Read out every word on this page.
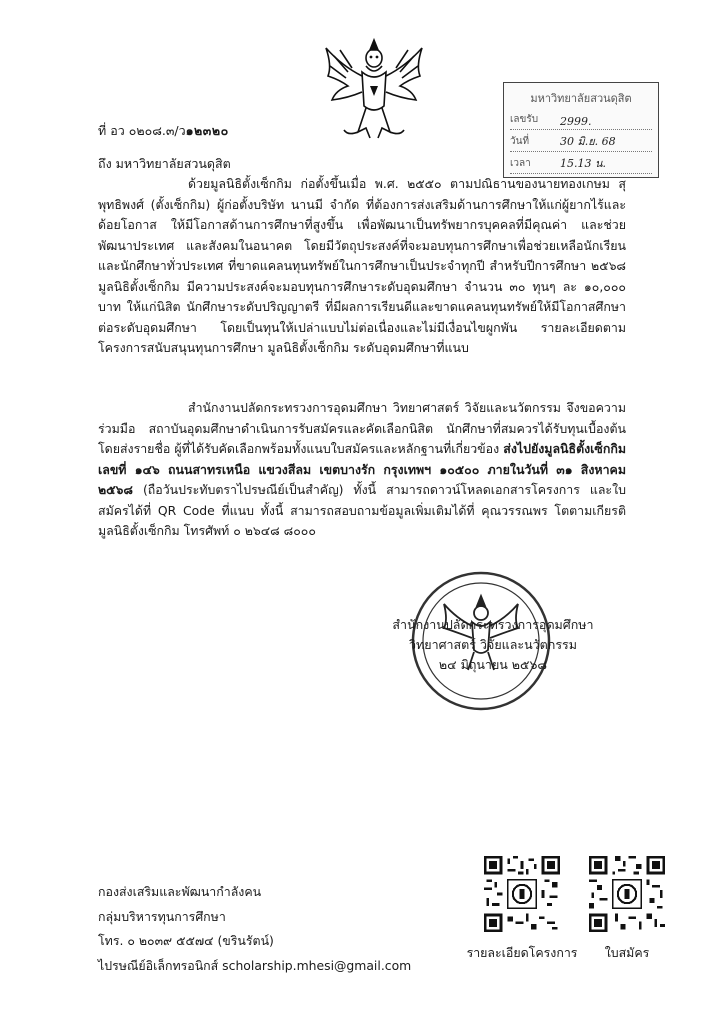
ที่ อว ๐๒๐๘.๓/ว๑๒๓๒๐
ถึง มหาวิทยาลัยสวนดุสิต
มหาวิทยาลัยสวนดุสิต
เลขรับ 2999.
วันที่	30 มิ.ย. 68
เวลา	15.13 น.
ด้วยมูลนิธิตั้งเซ็กกิม ก่อตั้งขึ้นเมื่อ พ.ศ. ๒๕๕๐ ตามปณิธานของนายทองเกษม สุพุทธิพงศ์ (ตั้งเซ็กกิม) ผู้ก่อตั้งบริษัท นานมี จำกัด ที่ต้องการส่งเสริมด้านการศึกษาให้แก่ผู้ยากไร้และด้อยโอกาส ให้มีโอกาสด้านการศึกษาที่สูงขึ้น เพื่อพัฒนาเป็นทรัพยากรบุคคลที่มีคุณค่า และช่วยพัฒนาประเทศ และสังคมในอนาคต โดยมีวัตถุประสงค์ที่จะมอบทุนการศึกษาเพื่อช่วยเหลือนักเรียนและนักศึกษาทั่วประเทศ ที่ขาดแคลนทุนทรัพย์ในการศึกษาเป็นประจำทุกปี สำหรับปีการศึกษา ๒๕๖๘ มูลนิธิตั้งเซ็กกิม มีความประสงค์จะมอบทุนการศึกษาระดับอุดมศึกษา จำนวน ๓๐ ทุนๆ ละ ๑๐,๐๐๐ บาท ให้แก่นิสิต นักศึกษาระดับปริญญาตรี ที่มีผลการเรียนดีและขาดแคลนทุนทรัพย์ให้มีโอกาสศึกษาต่อระดับอุดมศึกษา โดยเป็นทุนให้เปล่าแบบไม่ต่อเนื่องและไม่มีเงื่อนไขผูกพัน รายละเอียดตามโครงการสนับสนุนทุนการศึกษา มูลนิธิตั้งเซ็กกิม ระดับอุดมศึกษาที่แนบ
สำนักงานปลัดกระทรวงการอุดมศึกษา วิทยาศาสตร์ วิจัยและนวัตกรรม จึงขอความร่วมมือ สถาบันอุดมศึกษาดำเนินการรับสมัครและคัดเลือกนิสิต นักศึกษาที่สมควรได้รับทุนเบื้องต้น โดยส่งรายชื่อ ผู้ที่ได้รับคัดเลือกพร้อมทั้งแนบใบสมัครและหลักฐานที่เกี่ยวข้อง ส่งไปยังมูลนิธิตั้งเซ็กกิม เลขที่ ๑๔๖ ถนนสาทรเหนือ แขวงสีลม เขตบางรัก กรุงเทพฯ ๑๐๕๐๐ ภายในวันที่ ๓๑ สิงหาคม ๒๕๖๘ (ถือวันประทับตราไปรษณีย์เป็นสำคัญ) ทั้งนี้ สามารถดาวน์โหลดเอกสารโครงการ และใบสมัครได้ที่ QR Code ที่แนบ ทั้งนี้ สามารถสอบถามข้อมูลเพิ่มเติมได้ที่ คุณวรรณพร โตตามเกียรติ มูลนิธิตั้งเซ็กกิม โทรศัพท์ ๐ ๒๖๔๘ ๘๐๐๐
สำนักงานปลัดกระทรวงการอุดมศึกษา
วิทยาศาสตร์ วิจัยและนวัตกรรม
๒๔ มิถุนายน ๒๕๖๘
กองส่งเสริมและพัฒนากำลังคน
กลุ่มบริหารทุนการศึกษา
โทร. ๐ ๒๐๓๙ ๕๕๗๔ (ขรินรัตน์)
ไปรษณีย์อิเล็กทรอนิกส์ scholarship.mhesi@gmail.com
รายละเอียดโครงการ	ใบสมัคร
